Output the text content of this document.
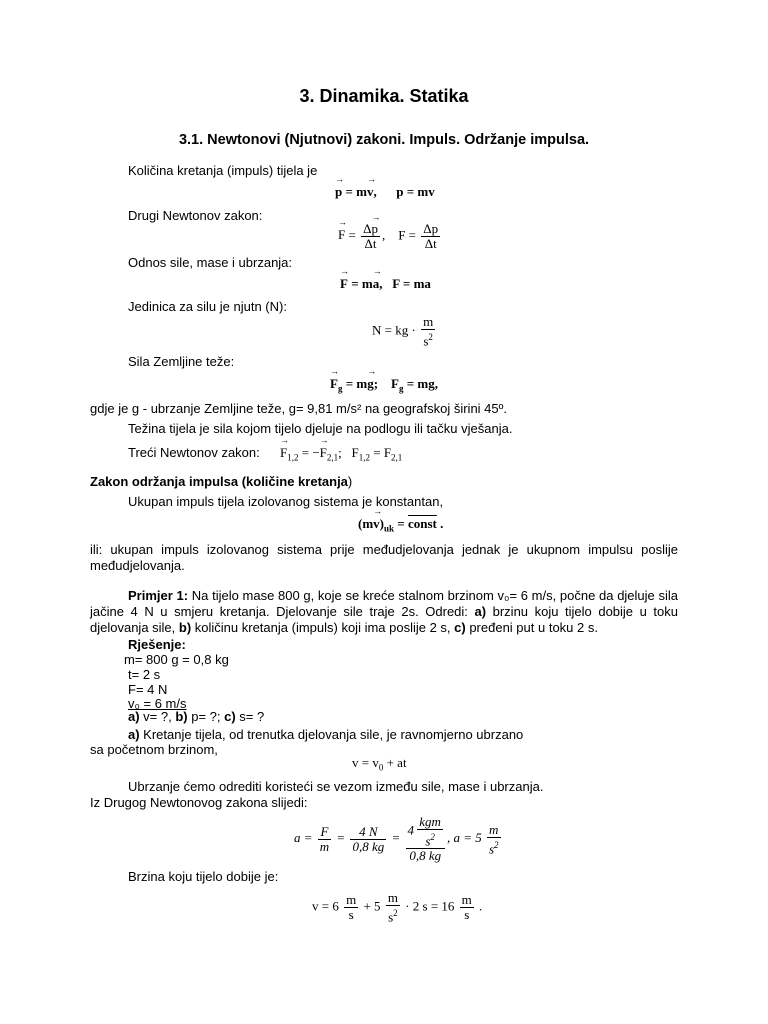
3. Dinamika. Statika
3.1. Newtonovi (Njutnovi) zakoni. Impuls. Održanje impulsa.
Količina kretanja (impuls) tijela je
→ p = m→ v,      p = mv
Drugi Newtonov zakon:
→ $F = \frac{\Delta\to p}{\Delta t}$ ,    $F = \frac{\Delta p}{\Delta t}$
Odnos sile, mase i ubrzanja:
→ F = m→ a,   F = ma
Jedinica za silu je njutn (N):
N = kg · $\frac{m}{s^2}$
Sila Zemljine teže:
→ $F_g = m\to g$;    $F_g$ = mg,
gdje je g - ubrzanje Zemljine teže, g= 9,81 m/s² na geografskoj širini 45º.
Težina tijela je sila kojom tijelo djeluje na podlogu ili tačku vješanja.
Treći Newtonov zakon: → $F_{1,2}$ = −→ $F_{2,1}$;   $F_{1,2} = F_{2,1}$
Zakon održanja impulsa (količine kretanja)
Ukupan impuls tijela izolovanog sistema je konstantan,
$(m\to v)_{uk}$ = const .
ili: ukupan impuls izolovanog sistema prije međudjelovanja jednak je ukupnom impulsu poslije međudjelovanja.
Primjer 1: Na tijelo mase 800 g, koje se kreće stalnom brzinom v₀= 6 m/s, počne da djeluje sila jačine 4 N u smjeru kretanja. Djelovanje sile traje 2s. Odredi: a) brzinu koju tijelo dobije u toku djelovanja sile, b) količinu kretanja (impuls) koji ima poslije 2 s, c) pređeni put u toku 2 s.
Rješenje:
m= 800 g = 0,8 kg
t= 2 s
F= 4 N
v₀ = 6 m/s
a) v= ?, b) p= ?; c) s= ?
a) Kretanje tijela, od trenutka djelovanja sile, je ravnomjerno ubrzano
sa početnom brzinom,
$v = v_0$ + at
Ubrzanje ćemo odrediti koristeći se vezom između sile, mase i ubrzanja.
Iz Drugog Newtonovog zakona slijedi:
$a = \frac{F}{m} = \frac{4 N}{0,8 kg} = \frac{4 \frac{\text{kgm}}{s^2}}{0,8 kg}$ , $a = 5 \frac{m}{s^2}$
Brzina koju tijelo dobije je:
$v = 6 \frac{m}{s} + 5 \frac{m}{s^2} \cdot 2$ $s = 16 \frac{m}{s}$ .
